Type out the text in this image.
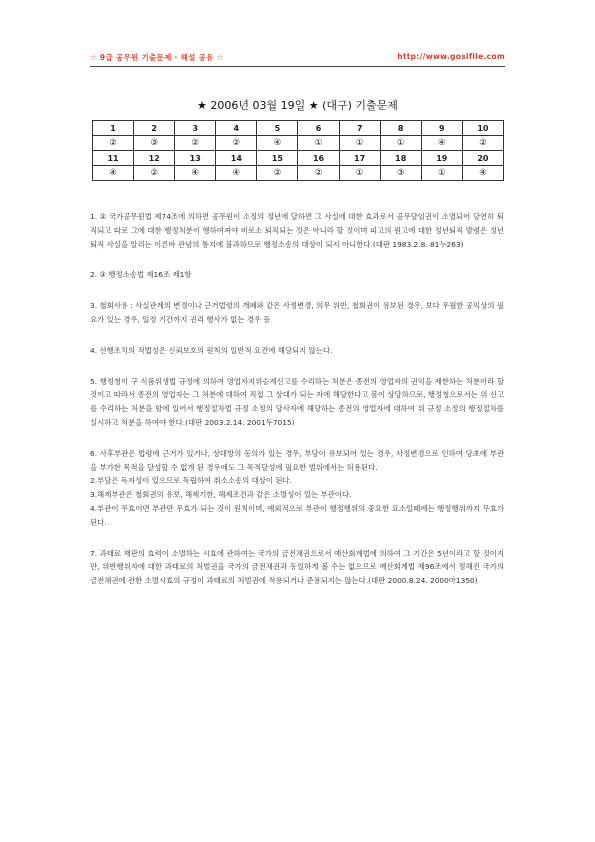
☆ 9급 공무원 기출문제 · 해설 공유 ☆	http://www.gosifile.com
★ 2006년 03월 19일 ★ (대구) 기출문제
1	2	3	4	5	6	7	8	9	10
②	③	②	②	④	①	①	①	④	②
11	12	13	14	15	16	17	18	19	20
④	②	④	④	②	②	①	③	①	④

1. ② 국가공무원법 제74조에 의하면 공무원이 소정의 정년에 달하면 그 사실에 대한 효과로서 공무담임권이 소멸되어 당연히 퇴직되고 따로 그에 대한 행정처분이 행하여져야 비로소 퇴직되는 것은 아니라 할 것이며 피고의 원고에 대한 정년퇴직 발령은 정년퇴직 사실을 알리는 이른바 관념의 통지에 불과하므로 행정소송의 대상이 되지 아니한다.(대판 1983.2.8. 81누263)

2. ③ 행정소송법 제16조 제1항

3. 철회사유 : 사실관계의 변경이나 근거법령의 개폐와 같은 사정변경, 의무 위반, 철회권이 유보된 경우, 보다 우월한 공익상의 필요가 있는 경우, 일정 기간까지 권리 행사가 없는 경우 등

4. 선행조치의 적법성은 신뢰보호의 원칙의 일반적 요건에 해당되지 않는다.

5. 행정청이 구 식품위생법 규정에 의하여 영업자지위승계신고를 수리하는 처분은 종전의 영업자의 권익을 제한하는 처분이라 할 것이고 따라서 종전의 영업자는 그 처분에 대하여 직접 그 상대가 되는 자에 해당한다고 봄이 상당하므로, 행정청으로서는 위 신고를 수리하는 처분을 함에 있어서 행정절차법 규정 소정의 당사자에 해당하는 종전의 영업자에 대하여 위 규정 소정의 행정절차를 실시하고 처분을 하여야 한다.(대판 2003.2.14. 2001두7015)

6. 사후부관은 법령에 근거가 있거나, 상대방의 동의가 있는 경우, 부담이 유보되어 있는 경우, 사정변경으로 인하여 당초에 부관을 부가한 목적을 달성할 수 없게 된 경우에도 그 목적달성에 필요한 범위에서는 허용된다.

2.부담은 독자성이 있으므로 독립하여 취소소송의 대상이 된다.

3.해제부관은 철회권의 유보, 해제기한, 해제조건과 같은 소멸성이 있는 부관이다.

4.부관이 무효이면 부관만 무효가 되는 것이 원칙이며, 예외적으로 부관이 행정행위의 중요한 요소일때에는 행정행위까지 무효가 된다.

7. 과태료 재판의 효력이 소멸하는 시효에 관하여는 국가의 금전채권으로서 예산회계법에 의하여 그 기간은 5년이라고 할 것이지만, 위반행위자에 대한 과태료의 처벌권을 국가의 금전채권과 동일하게 볼 수는 없으므로 예산회계법 제96조에서 정해진 국가의 금전채권에 관한 소멸시효의 규정이 과태료의 처벌권에 적용되거나 준용되지는 않는다.(대판 2000.8.24. 2000마1350)
